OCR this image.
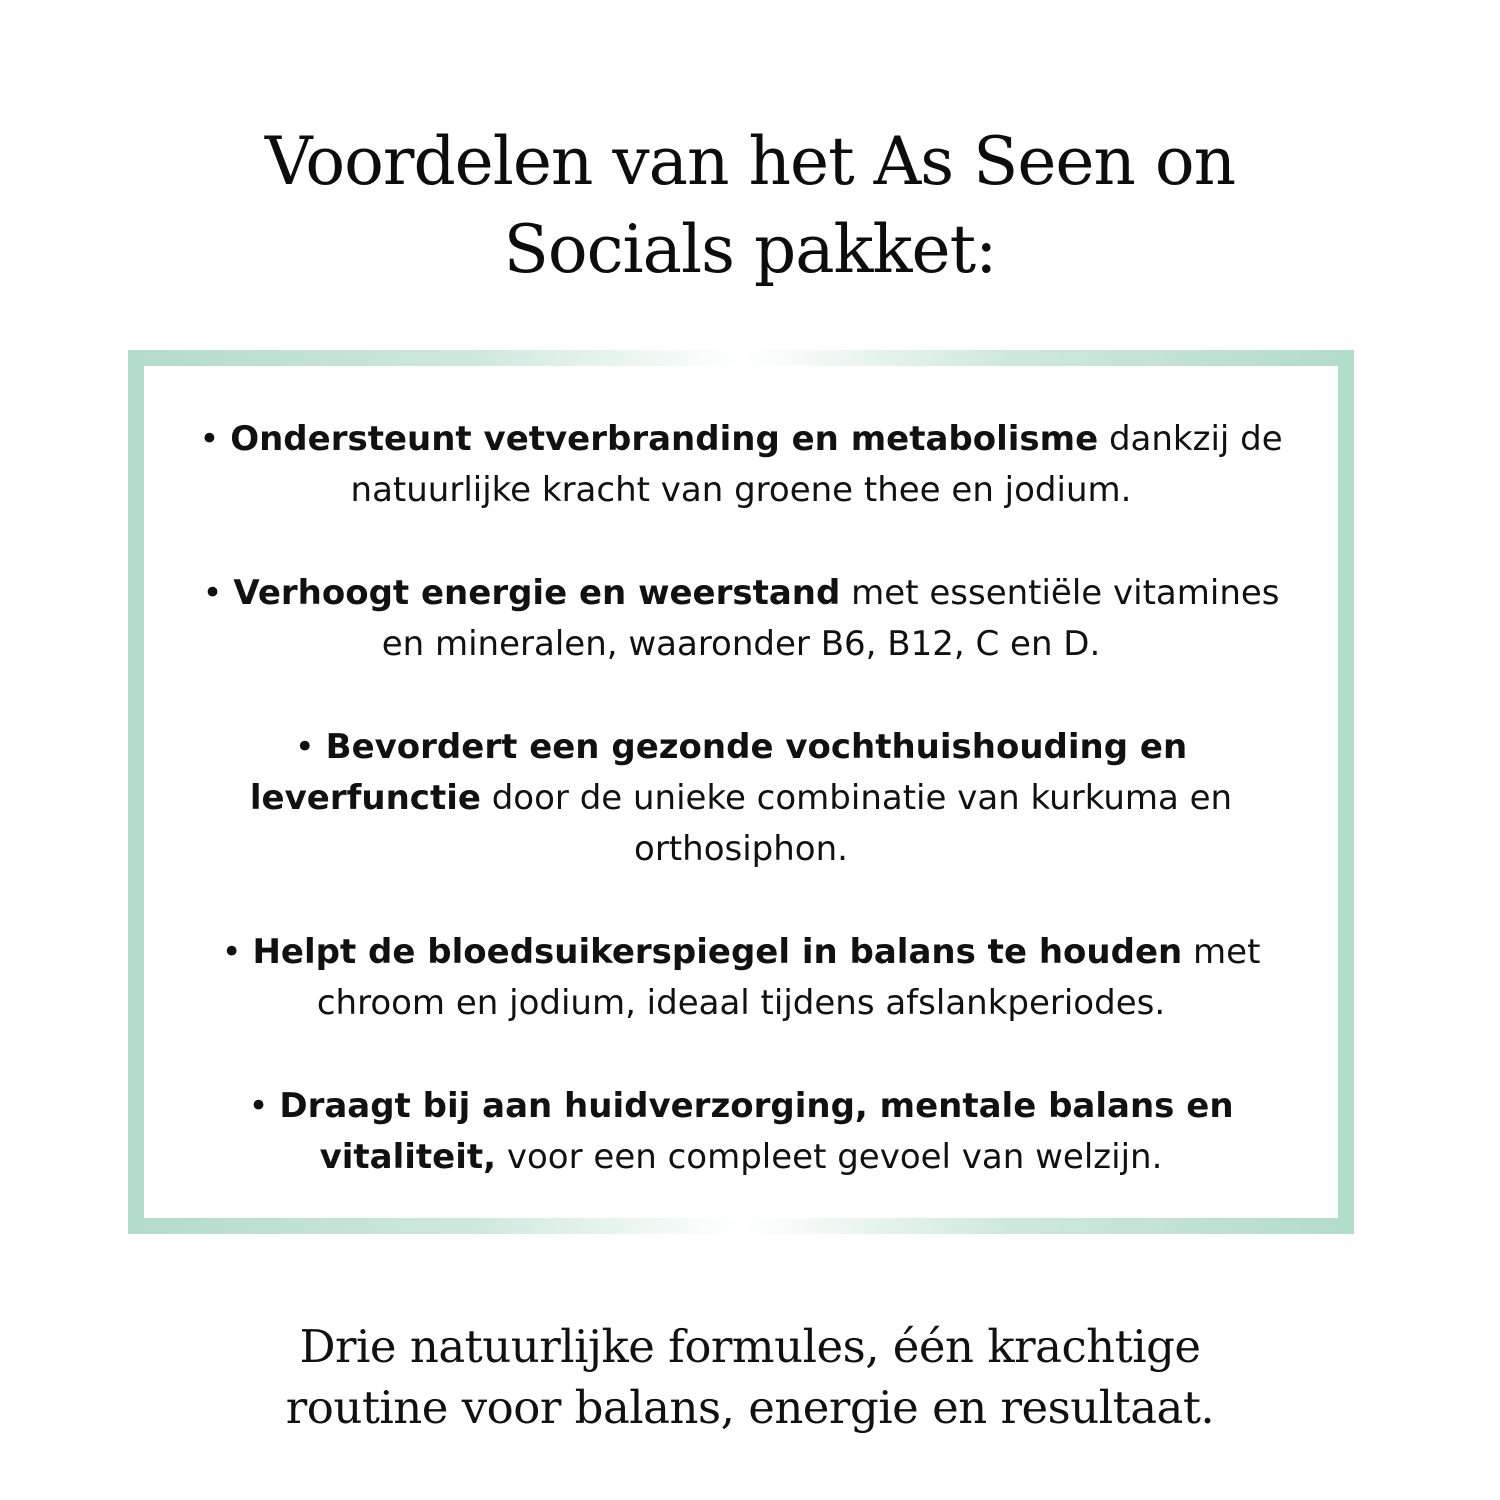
Voordelen van het As Seen on
Socials pakket:
• Ondersteunt vetverbranding en metabolisme dankzij de natuurlijke kracht van groene thee en jodium.
• Verhoogt energie en weerstand met essentiële vitamines en mineralen, waaronder B6, B12, C en D.
• Bevordert een gezonde vochthuishouding en leverfunctie door de unieke combinatie van kurkuma en orthosiphon.
• Helpt de bloedsuikerspiegel in balans te houden met chroom en jodium, ideaal tijdens afslankperiodes.
• Draagt bij aan huidverzorging, mentale balans en vitaliteit, voor een compleet gevoel van welzijn.

Drie natuurlijke formules, één krachtige
routine voor balans, energie en resultaat.
